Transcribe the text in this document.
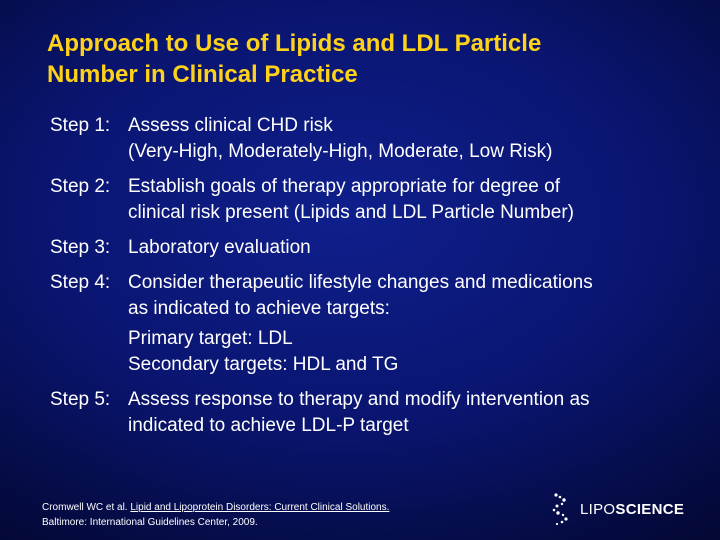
Approach to Use of Lipids and LDL Particle
Number in Clinical Practice
Step 1: Assess clinical CHD risk
(Very-High, Moderately-High, Moderate, Low Risk)
Step 2: Establish goals of therapy appropriate for degree of
clinical risk present (Lipids and LDL Particle Number)
Step 3: Laboratory evaluation
Step 4: Consider therapeutic lifestyle changes and medications
as indicated to achieve targets:
Primary target: LDL
Secondary targets: HDL and TG
Step 5: Assess response to therapy and modify intervention as
indicated to achieve LDL-P target
Cromwell WC et al. Lipid and Lipoprotein Disorders: Current Clinical Solutions.
Baltimore: International Guidelines Center, 2009.
LIPOSCIENCE
